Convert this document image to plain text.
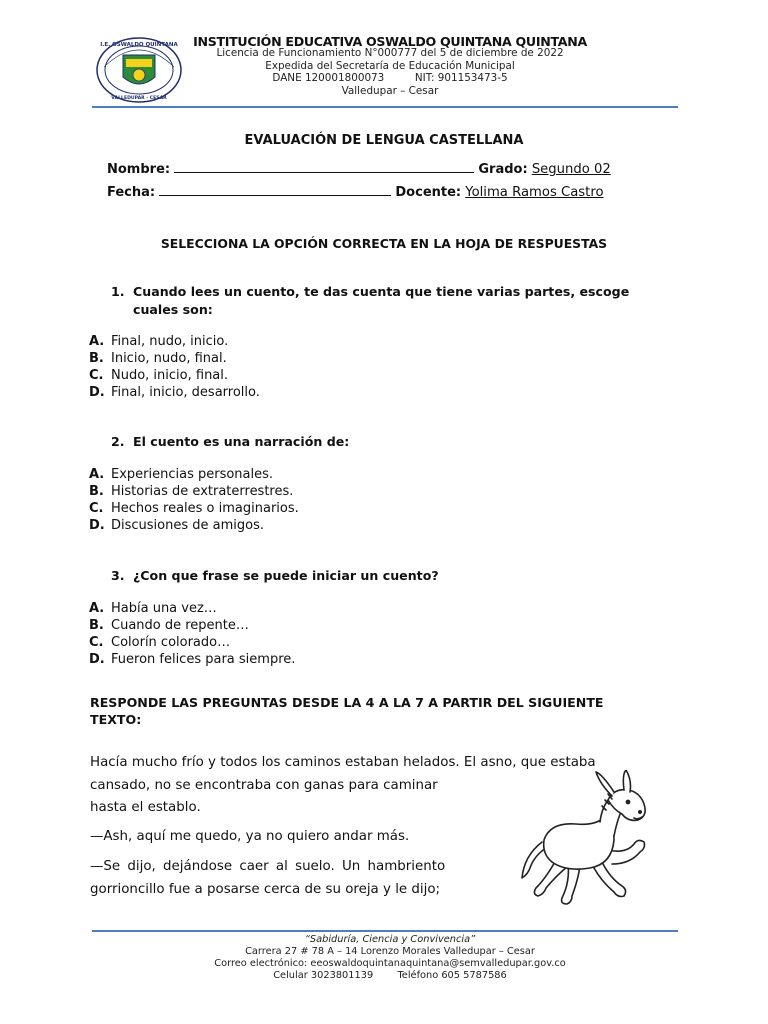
I.E. OSWALDO QUINTANA
VALLEDUPAR - CESAR
INSTITUCIÓN EDUCATIVA OSWALDO QUINTANA QUINTANA
Licencia de Funcionamiento N°000777 del 5 de diciembre de 2022
Expedida del Secretaría de Educación Municipal
DANE 120001800073	NIT: 901153473-5
Valledupar – Cesar
EVALUACIÓN DE LENGUA CASTELLANA
Nombre:	Grado: Segundo 02
Fecha:	Docente: Yolima Ramos Castro
SELECCIONA LA OPCIÓN CORRECTA EN LA HOJA DE RESPUESTAS
1. Cuando lees un cuento, te das cuenta que tiene varias partes, escoge
cuales son:
A. Final, nudo, inicio.
B. Inicio, nudo, final.
C. Nudo, inicio, final.
D. Final, inicio, desarrollo.
2. El cuento es una narración de:
A. Experiencias personales.
B. Historias de extraterrestres.
C. Hechos reales o imaginarios.
D. Discusiones de amigos.
3. ¿Con que frase se puede iniciar un cuento?
A. Había una vez…
B. Cuando de repente…
C. Colorín colorado…
D. Fueron felices para siempre.
RESPONDE LAS PREGUNTAS DESDE LA 4 A LA 7 A PARTIR DEL SIGUIENTE
TEXTO:
Hacía mucho frío y todos los caminos estaban helados. El asno, que estaba
cansado, no se encontraba con ganas para caminar
hasta el establo.
—Ash, aquí me quedo, ya no quiero andar más.
—Se dijo, dejándose caer al suelo. Un hambriento
gorrioncillo fue a posarse cerca de su oreja y le dijo;
“Sabiduría, Ciencia y Convivencia”
Carrera 27 # 78 A – 14 Lorenzo Morales Valledupar – Cesar
Correo electrónico: eeoswaldoquintanaquintana@semvalledupar.gov.co
Celular 3023801139 Teléfono 605 5787586
